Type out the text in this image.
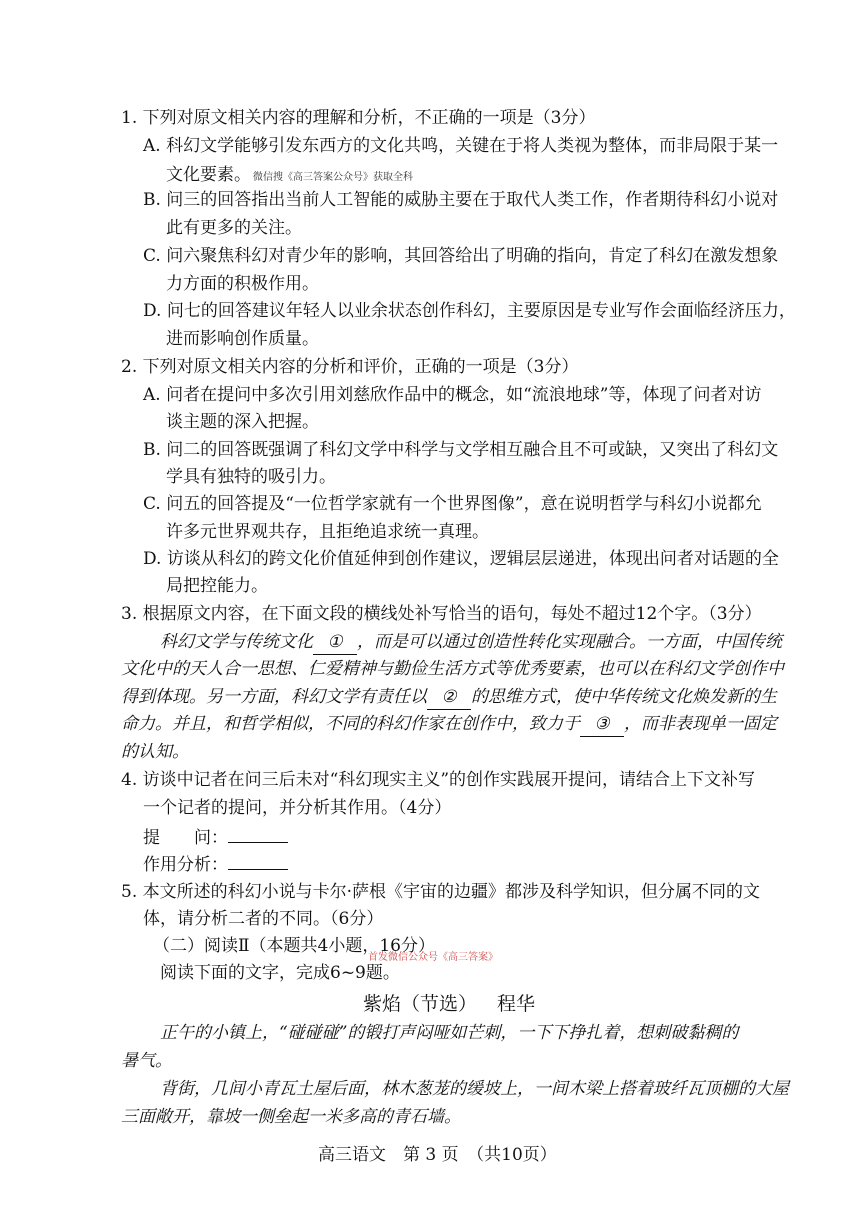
1. 下列对原文相关内容的理解和分析，不正确的一项是（3分）
A. 科幻文学能够引发东西方的文化共鸣，关键在于将人类视为整体，而非局限于某一
文化要素。 微信搜《高三答案公众号》获取全科
B. 问三的回答指出当前人工智能的威胁主要在于取代人类工作，作者期待科幻小说对
此有更多的关注。
C. 问六聚焦科幻对青少年的影响，其回答给出了明确的指向，肯定了科幻在激发想象
力方面的积极作用。
D. 问七的回答建议年轻人以业余状态创作科幻，主要原因是专业写作会面临经济压力，
进而影响创作质量。
2. 下列对原文相关内容的分析和评价，正确的一项是（3分）
A. 问者在提问中多次引用刘慈欣作品中的概念，如“流浪地球”等，体现了问者对访
谈主题的深入把握。
B. 问二的回答既强调了科幻文学中科学与文学相互融合且不可或缺，又突出了科幻文
学具有独特的吸引力。
C. 问五的回答提及“一位哲学家就有一个世界图像”，意在说明哲学与科幻小说都允
许多元世界观共存，且拒绝追求统一真理。
D. 访谈从科幻的跨文化价值延伸到创作建议，逻辑层层递进，体现出问者对话题的全
局把控能力。
3. 根据原文内容，在下面文段的横线处补写恰当的语句，每处不超过12个字。（3分）
科幻文学与传统文化 ① ，而是可以通过创造性转化实现融合。一方面，中国传统
文化中的天人合一思想、仁爱精神与勤俭生活方式等优秀要素，也可以在科幻文学创作中
得到体现。另一方面，科幻文学有责任以 ② 的思维方式，使中华传统文化焕发新的生
命力。并且，和哲学相似，不同的科幻作家在创作中，致力于 ③ ，而非表现单一固定
的认知。
4. 访谈中记者在问三后未对“科幻现实主义”的创作实践展开提问，请结合上下文补写
一个记者的提问，并分析其作用。（4分）
提　　问：
作用分析：
5. 本文所述的科幻小说与卡尔·萨根《宇宙的边疆》都涉及科学知识，但分属不同的文
体，请分析二者的不同。（6分）
（二）阅读Ⅱ（本题共4小题，16分）
首发微信公众号《高三答案》
阅读下面的文字，完成6~9题。
紫焰（节选） 程华
正午的小镇上，“碰碰碰”的锻打声闷哑如芒刺，一下下挣扎着，想刺破黏稠的
暑气。
背街，几间小青瓦土屋后面，林木葱茏的缓坡上，一间木梁上搭着玻纤瓦顶棚的大屋
三面敞开，靠坡一侧垒起一米多高的青石墙。
高三语文　 第 3 页　 （共10页）
